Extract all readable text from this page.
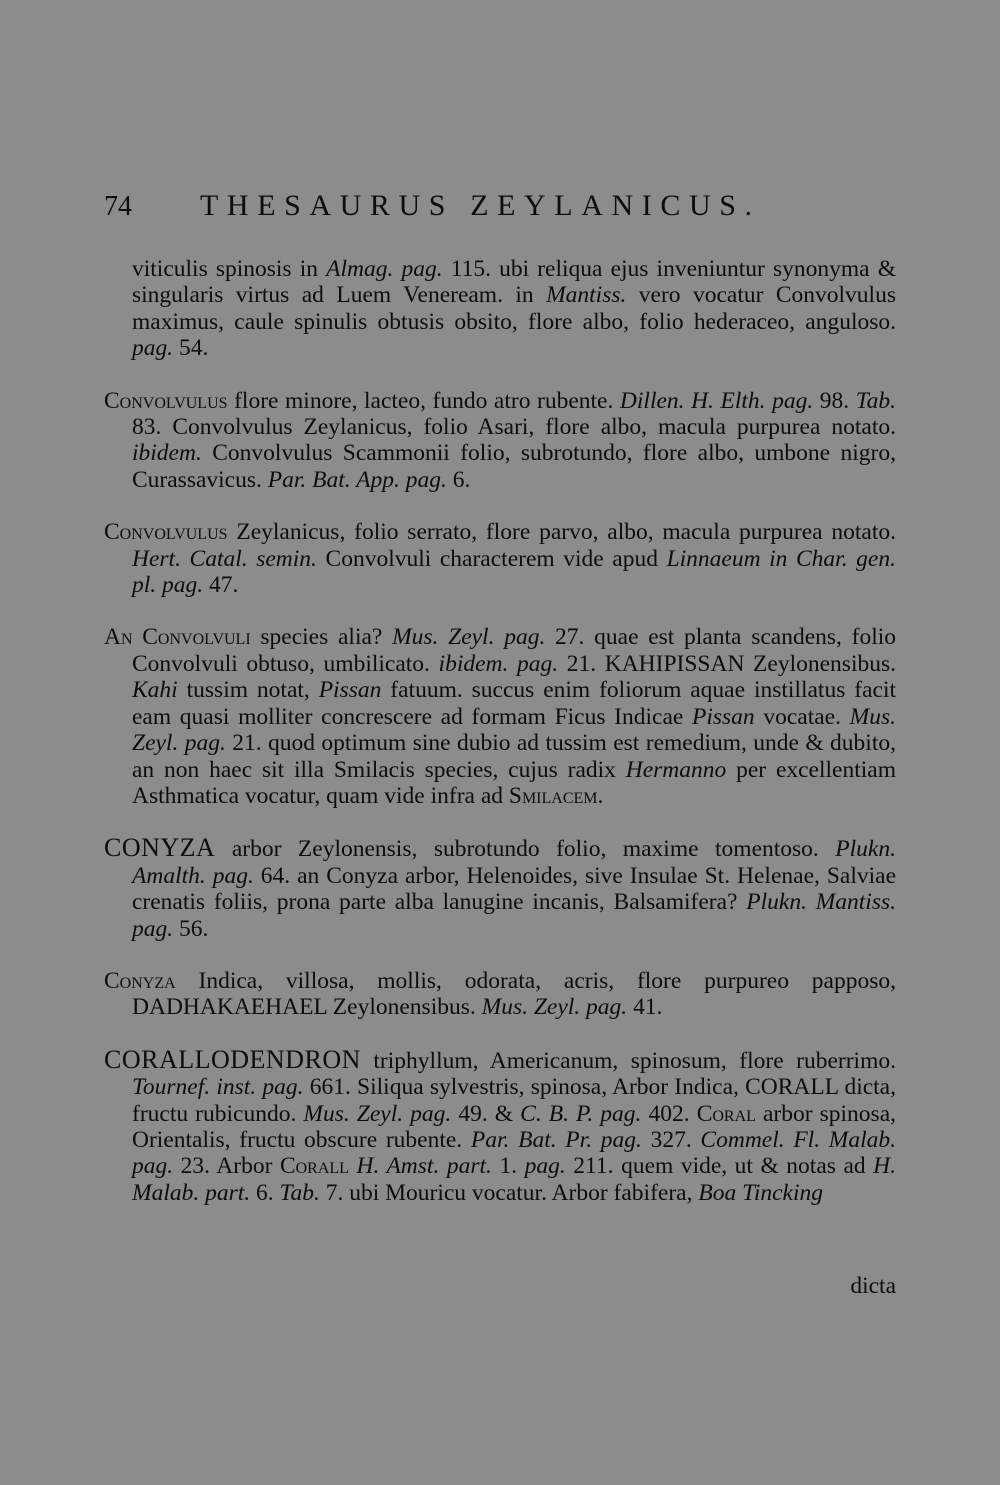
74 THESAURUS ZEYLANICUS.

viticulis spinosis in Almag. pag. 115. ubi reliqua ejus inveniuntur synonyma & singularis virtus ad Luem Veneream. in Mantiss. vero vocatur Convolvulus maximus, caule spinulis obtusis obsito, flore albo, folio hederaceo, anguloso. pag. 54.

Convolvulus flore minore, lacteo, fundo atro rubente. Dillen. H. Elth. pag. 98. Tab. 83. Convolvulus Zeylanicus, folio Asari, flore albo, macula purpurea notato. ibidem. Convolvulus Scammonii folio, subrotundo, flore albo, umbone nigro, Curassavicus. Par. Bat. App. pag. 6.

Convolvulus Zeylanicus, folio serrato, flore parvo, albo, macula purpurea notato. Hert. Catal. semin. Convolvuli characterem vide apud Linnaeum in Char. gen. pl. pag. 47.

An Convolvuli species alia? Mus. Zeyl. pag. 27. quae est planta scandens, folio Convolvuli obtuso, umbilicato. ibidem. pag. 21. KAHIPISSAN Zeylonensibus. Kahi tussim notat, Pissan fatuum. succus enim foliorum aquae instillatus facit eam quasi molliter concrescere ad formam Ficus Indicae Pissan vocatae. Mus. Zeyl. pag. 21. quod optimum sine dubio ad tussim est remedium, unde & dubito, an non haec sit illa Smilacis species, cujus radix Hermanno per excellentiam Asthmatica vocatur, quam vide infra ad Smilacem.

CONYZA arbor Zeylonensis, subrotundo folio, maxime tomentoso. Plukn. Amalth. pag. 64. an Conyza arbor, Helenoides, sive Insulae St. Helenae, Salviae crenatis foliis, prona parte alba lanugine incanis, Balsamifera? Plukn. Mantiss. pag. 56.

Conyza Indica, villosa, mollis, odorata, acris, flore purpureo papposo, DADHAKAEHAEL Zeylonensibus. Mus. Zeyl. pag. 41.

CORALLODENDRON triphyllum, Americanum, spinosum, flore ruberrimo. Tournef. inst. pag. 661. Siliqua sylvestris, spinosa, Arbor Indica, CORALL dicta, fructu rubicundo. Mus. Zeyl. pag. 49. & C. B. P. pag. 402. Coral arbor spinosa, Orientalis, fructu obscure rubente. Par. Bat. Pr. pag. 327. Commel. Fl. Malab. pag. 23. Arbor Corall H. Amst. part. 1. pag. 211. quem vide, ut & notas ad H. Malab. part. 6. Tab. 7. ubi Mouricu vocatur. Arbor fabifera, Boa Tincking

dicta
